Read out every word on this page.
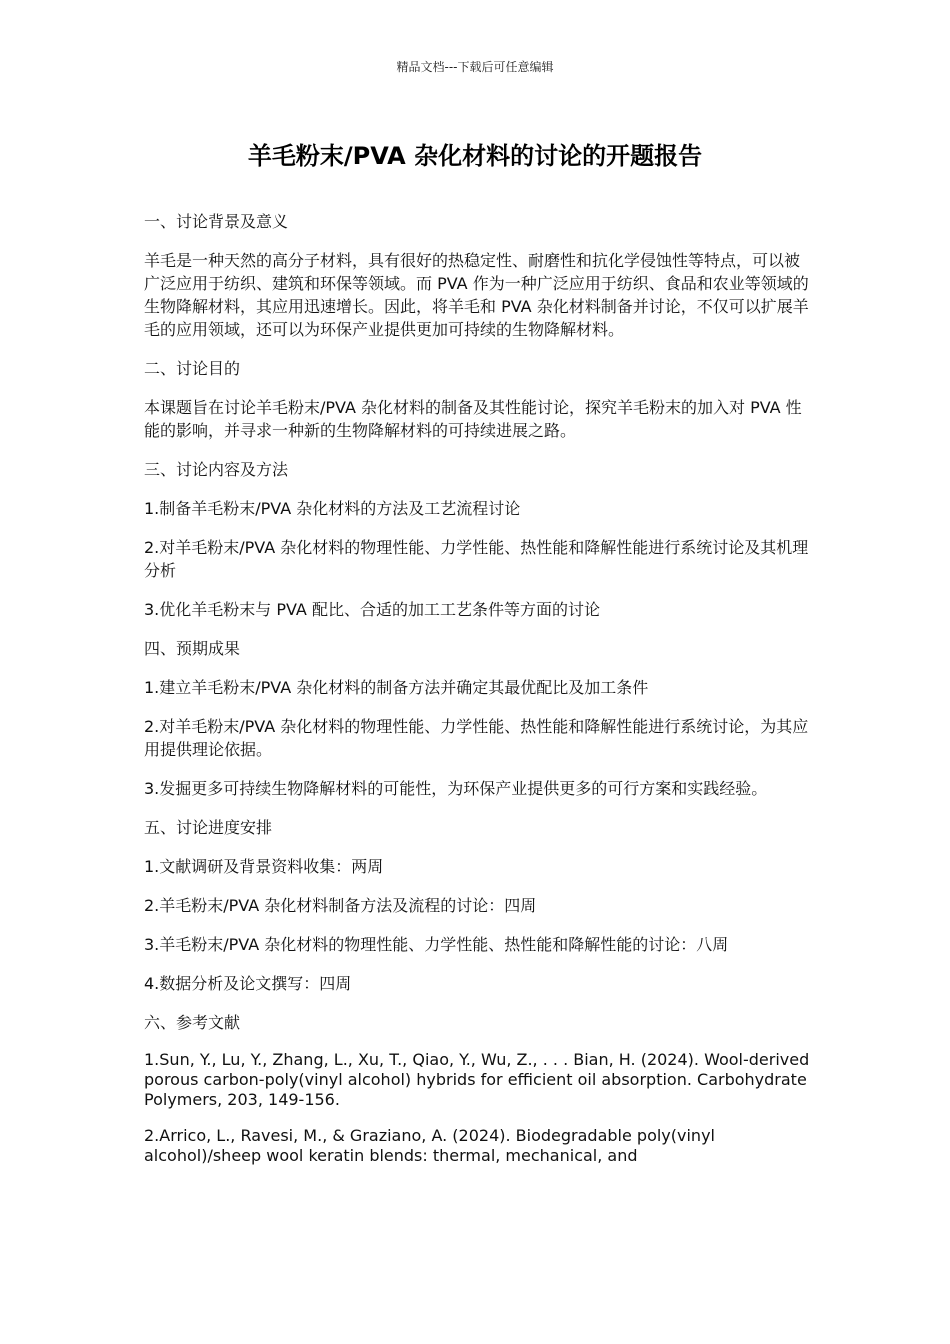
精品文档---下载后可任意编辑
羊毛粉末/PVA 杂化材料的讨论的开题报告

一、讨论背景及意义

羊毛是一种天然的高分子材料，具有很好的热稳定性、耐磨性和抗化学侵蚀性等特点，可以被广泛应用于纺织、建筑和环保等领域。而 PVA 作为一种广泛应用于纺织、食品和农业等领域的生物降解材料，其应用迅速增长。因此，将羊毛和 PVA 杂化材料制备并讨论，不仅可以扩展羊毛的应用领域，还可以为环保产业提供更加可持续的生物降解材料。

二、讨论目的

本课题旨在讨论羊毛粉末/PVA 杂化材料的制备及其性能讨论，探究羊毛粉末的加入对 PVA 性能的影响，并寻求一种新的生物降解材料的可持续进展之路。

三、讨论内容及方法

1.制备羊毛粉末/PVA 杂化材料的方法及工艺流程讨论

2.对羊毛粉末/PVA 杂化材料的物理性能、力学性能、热性能和降解性能进行系统讨论及其机理分析

3.优化羊毛粉末与 PVA 配比、合适的加工工艺条件等方面的讨论

四、预期成果

1.建立羊毛粉末/PVA 杂化材料的制备方法并确定其最优配比及加工条件

2.对羊毛粉末/PVA 杂化材料的物理性能、力学性能、热性能和降解性能进行系统讨论，为其应用提供理论依据。

3.发掘更多可持续生物降解材料的可能性，为环保产业提供更多的可行方案和实践经验。

五、讨论进度安排

1.文献调研及背景资料收集：两周

2.羊毛粉末/PVA 杂化材料制备方法及流程的讨论：四周

3.羊毛粉末/PVA 杂化材料的物理性能、力学性能、热性能和降解性能的讨论：八周

4.数据分析及论文撰写：四周

六、参考文献

1.Sun, Y., Lu, Y., Zhang, L., Xu, T., Qiao, Y., Wu, Z., . . . Bian, H. (2024). Wool-derived porous carbon-poly(vinyl alcohol) hybrids for efficient oil absorption. Carbohydrate Polymers, 203, 149-156.

2.Arrico, L., Ravesi, M., & Graziano, A. (2024). Biodegradable poly(vinyl alcohol)/sheep wool keratin blends: thermal, mechanical, and
